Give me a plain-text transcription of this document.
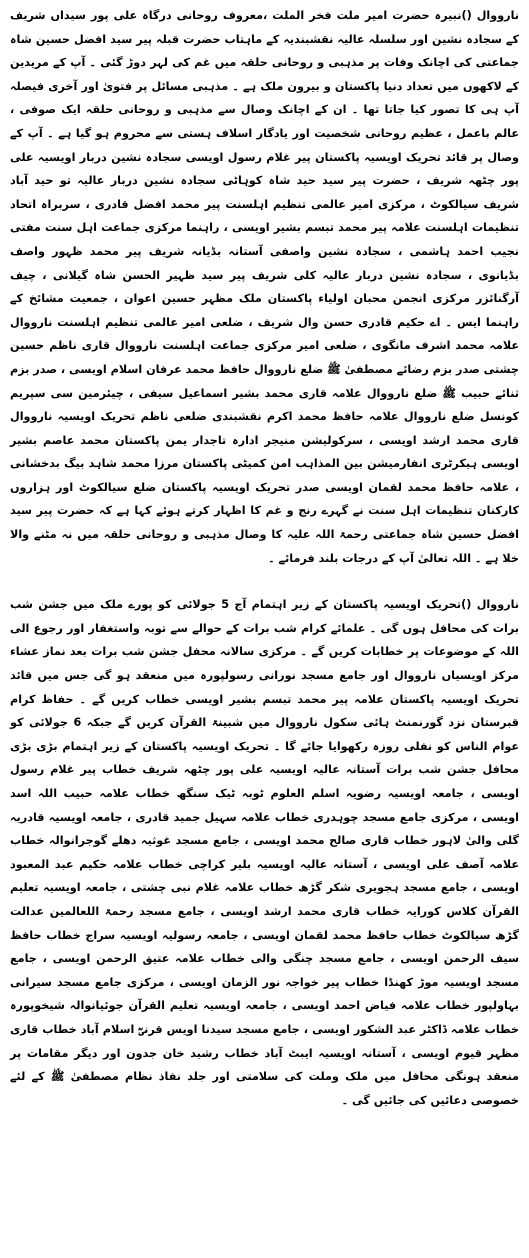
نارووال ()نبیرہ حضرت امیر ملت فخر الملت ،معروف روحانی درگاہ علی پور سیداں شریف کے سجادہ نشین اور سلسلہ عالیہ نقشبندیہ کے ماہتاب حضرت قبلہ پیر سید افضل حسین شاہ جماعتی کی اچانک وفات پر مذہبی و روحانی حلقہ میں غم کی لہر دوڑ گئی ۔ آپ کے مریدین کے لاکھوں میں تعداد دنیا پاکستان و بیرون ملک ہے ۔ مذہبی مسائل پر فتویٰ اور آخری فیصلہ آپ ہی کا تصور کیا جاتا تھا ۔ ان کے اچانک وصال سے مذہبی و روحانی حلقہ ایک صوفی ، عالم باعمل ، عظیم روحانی شخصیت اور یادگار اسلاف ہستی سے محروم ہو گیا ہے ۔ آپ کے وصال پر قائد تحریک اویسیہ پاکستان پیر غلام رسول اویسی سجادہ نشین دربار اویسیہ علی پور چٹھہ شریف ، حضرت پیر سید حید شاہ کوہاٹی سجادہ نشین دربار عالیہ تو حید آباد شریف سیالکوٹ ، مرکزی امیر عالمی تنظیم اہلسنت پیر محمد افضل قادری ، سربراہ اتحاد تنظیمات اہلسنت علامہ پیر محمد تبسم بشیر اویسی ، راہنما مرکزی جماعت اہل سنت مفتی نجیب احمد ہاشمی ، سجادہ نشین واصفی آستانہ بڈیانہ شریف پیر محمد ظہور واصف بڈیانوی ، سجادہ نشین دربار عالیہ کلی شریف پیر سید ظہیر الحسن شاہ گیلانی ، چیف آرگنائزر مرکزی انجمن محبان اولیاء پاکستان ملک مظہر حسین اعوان ، جمعیت مشائخ کے راہنما ایس ۔ اے حکیم قادری حسن وال شریف ، ضلعی امیر عالمی تنظیم اہلسنت نارووال علامہ محمد اشرف مانگوی ، ضلعی امیر مرکزی جماعت اہلسنت نارووال قاری ناظم حسین چشتی صدر بزم رضائے مصطفیٰ ﷺ ضلع نارووال حافظ محمد عرفان اسلام اویسی ، صدر بزم ثنائے حبیب ﷺ ضلع نارووال علامہ قاری محمد بشیر اسماعیل سیفی ، چیئرمین سی سپریم کونسل ضلع نارووال علامہ حافظ محمد اکرم نقشبندی ضلعی ناظم تحریک اویسیہ نارووال قاری محمد ارشد اویسی ، سرکولیشن منیجر ادارہ تاجدار یمن پاکستان محمد عاصم بشیر اویسی ہیکرٹری انفارمیشن بین المذاہب امن کمیٹی پاکستان مرزا محمد شاہد بیگ بدخشانی ، علامہ حافظ محمد لقمان اویسی صدر تحریک اویسیہ پاکستان ضلع سیالکوٹ اور ہزاروں کارکنان تنظیمات اہل سنت نے گہرے رنج و غم کا اظہار کرتے ہوئے کہا ہے کہ حضرت پیر سید افضل حسین شاہ جماعتی رحمۃ اللہ علیہ کا وصال مذہبی و روحانی حلقہ میں نہ مٹنے والا خلا ہے ۔ اللہ تعالیٰ آپ کے درجات بلند فرمائے ۔

نارووال ()تحریک اویسیہ پاکستان کے زیر اہتمام آج 5 جولائی کو پورے ملک میں جشن شب برات کی محافل ہوں گی ۔ علمائے کرام شب برات کے حوالے سے توبہ واستغفار اور رجوع الی اللہ کے موضوعات پر خطابات کریں گے ۔ مرکزی سالانہ محفل جشن شب برات بعد نماز عشاء مرکز اویسیاں نارووال اور جامع مسجد نورانی رسولپورہ میں منعقد ہو گی جس میں قائد تحریک اویسیہ پاکستان علامہ پیر محمد تبسم بشیر اویسی خطاب کریں گے ۔ حفاظ کرام قبرستان نزد گورنمنٹ ہائی سکول نارووال میں شبینۃ القرآن کریں گے جبکہ 6 جولائی کو عوام الناس کو نفلی روزہ رکھوایا جائے گا ۔ تحریک اویسیہ پاکستان کے زیر اہتمام بڑی بڑی محافل جشن شب برات آستانہ عالیہ اویسیہ علی پور چٹھہ شریف خطاب پیر غلام رسول اویسی ، جامعہ اویسیہ رضویہ اسلم العلوم ٹوبہ ٹیک سنگھ خطاب علامہ حبیب اللہ اسد اویسی ، مرکزی جامع مسجد چوہدری خطاب علامہ سہیل جمید قادری ، جامعہ اویسیہ قادریہ گلی والیٰ لاہور خطاب قاری صالح محمد اویسی ، جامع مسجد غوثیہ دھلے گوجرانوالہ خطاب علامہ آصف علی اویسی ، آستانہ عالیہ اویسیہ بلیر کراچی خطاب علامہ حکیم عبد المعبود اویسی ، جامع مسجد ہجویری شکر گڑھ خطاب علامہ غلام نبی چشتی ، جامعہ اویسیہ تعلیم القرآن کلاس کورایہ خطاب قاری محمد ارشد اویسی ، جامع مسجد رحمۃ اللعالمین عدالت گڑھ سیالکوٹ خطاب حافظ محمد لقمان اویسی ، جامعہ رسولیہ اویسیہ سراج خطاب حافظ سیف الرحمن اویسی ، جامع مسجد چنگی والی خطاب علامہ عتیق الرحمن اویسی ، جامع مسجد اویسیہ موڑ کھنڈا خطاب پیر خواجہ نور الزمان اویسی ، مرکزی جامع مسجد سیرانی بہاولپور خطاب علامہ فیاض احمد اویسی ، جامعہ اویسیہ تعلیم القرآن جوئیانوالہ شیخوپورہ خطاب علامہ ڈاکٹر عبد الشکور اویسی ، جامع مسجد سیدنا اویس قرنیؓ اسلام آباد خطاب قاری مظہر قیوم اویسی ، آستانہ اویسیہ ایبٹ آباد خطاب رشید خان جدون اور دیگر مقامات پر منعقد ہونگی محافل میں ملک وملت کی سلامتی اور جلد نفاذ نظام مصطفیٰ ﷺ کے لئے خصوصی دعائیں کی جائیں گی ۔
